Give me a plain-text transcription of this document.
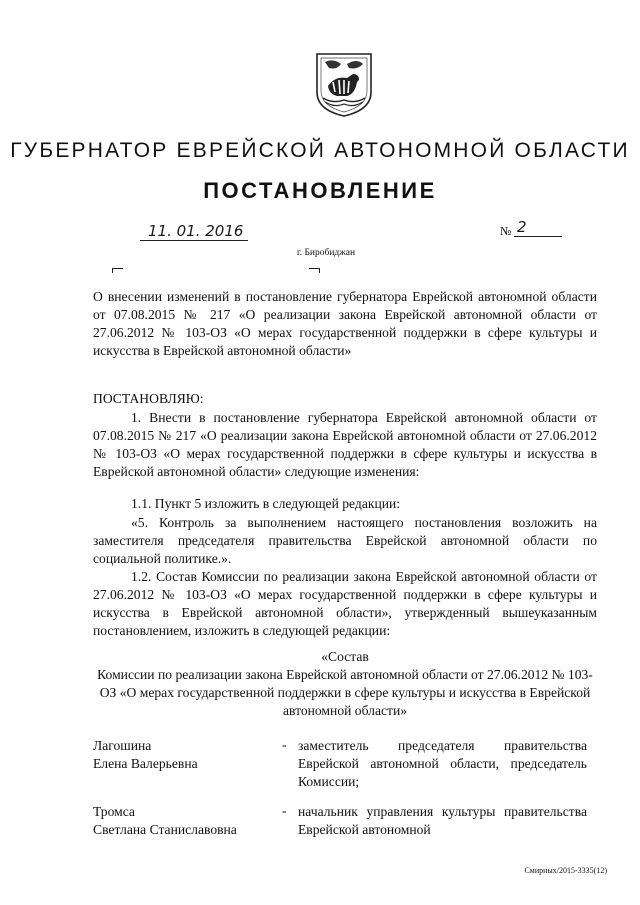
ГУБЕРНАТОР ЕВРЕЙСКОЙ АВТОНОМНОЙ ОБЛАСТИ
ПОСТАНОВЛЕНИЕ
11. 01. 2016	№ 2
г. Биробиджан
О внесении изменений в постановление губернатора Еврейской автономной области от 07.08.2015 № 217 «О реализации закона Еврейской автономной области от 27.06.2012 № 103-ОЗ «О мерах государственной поддержки в сфере культуры и искусства в Еврейской автономной области»
ПОСТАНОВЛЯЮ:
1. Внести в постановление губернатора Еврейской автономной области от 07.08.2015 № 217 «О реализации закона Еврейской автономной области от 27.06.2012 № 103-ОЗ «О мерах государственной поддержки в сфере культуры и искусства в Еврейской автономной области» следующие изменения:
1.1. Пункт 5 изложить в следующей редакции:
«5. Контроль за выполнением настоящего постановления возложить на заместителя председателя правительства Еврейской автономной области по социальной политике.».
1.2. Состав Комиссии по реализации закона Еврейской автономной области от 27.06.2012 № 103-ОЗ «О мерах государственной поддержки в сфере культуры и искусства в Еврейской автономной области», утвержденный вышеуказанным постановлением, изложить в следующей редакции:
«Состав
Комиссии по реализации закона Еврейской автономной области от 27.06.2012 № 103-ОЗ «О мерах государственной поддержки в сфере культуры и искусства в Еврейской автономной области»
Лагошина
Елена Валерьевна
- заместитель председателя правительства Еврейской автономной области, председатель Комиссии;
Тромса
Светлана Станиславовна
- начальник управления культуры правительства Еврейской автономной
Смирных/2015-3335(12)
